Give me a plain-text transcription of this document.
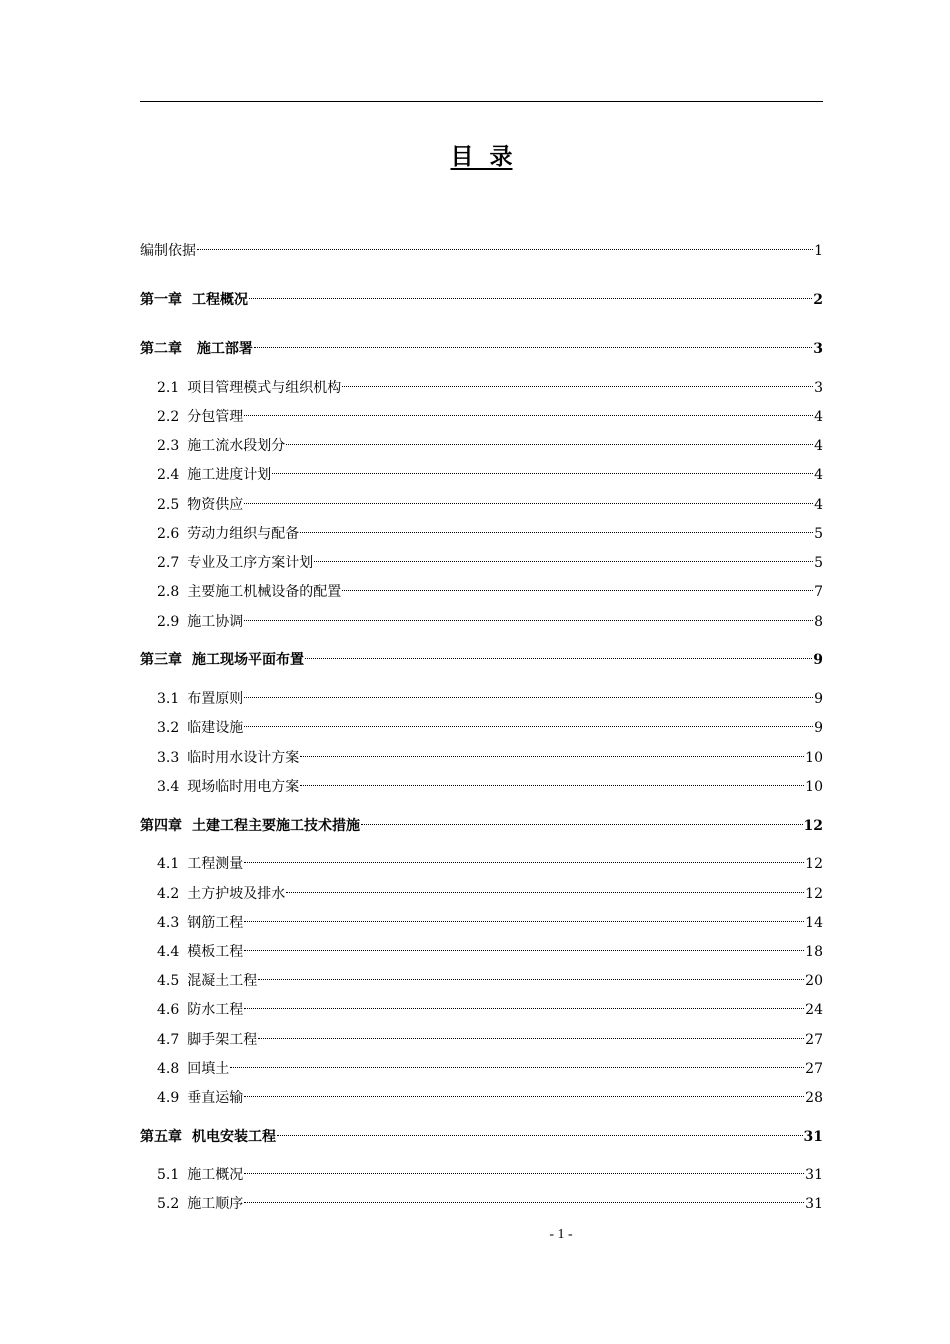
目  录
编制依据	1
第一章 工程概况	2
第二章 施工部署	3
2.1 项目管理模式与组织机构	3
2.2 分包管理	4
2.3 施工流水段划分	4
2.4 施工进度计划	4
2.5 物资供应	4
2.6 劳动力组织与配备	5
2.7 专业及工序方案计划	5
2.8 主要施工机械设备的配置	7
2.9 施工协调	8
第三章 施工现场平面布置	9
3.1 布置原则	9
3.2 临建设施	9
3.3 临时用水设计方案	10
3.4 现场临时用电方案	10
第四章 土建工程主要施工技术措施	12
4.1 工程测量	12
4.2 土方护坡及排水	12
4.3 钢筋工程	14
4.4 模板工程	18
4.5 混凝土工程	20
4.6 防水工程	24
4.7 脚手架工程	27
4.8 回填土	27
4.9 垂直运输	28
第五章 机电安装工程	31
5.1 施工概况	31
5.2 施工顺序	31
- 1 -
